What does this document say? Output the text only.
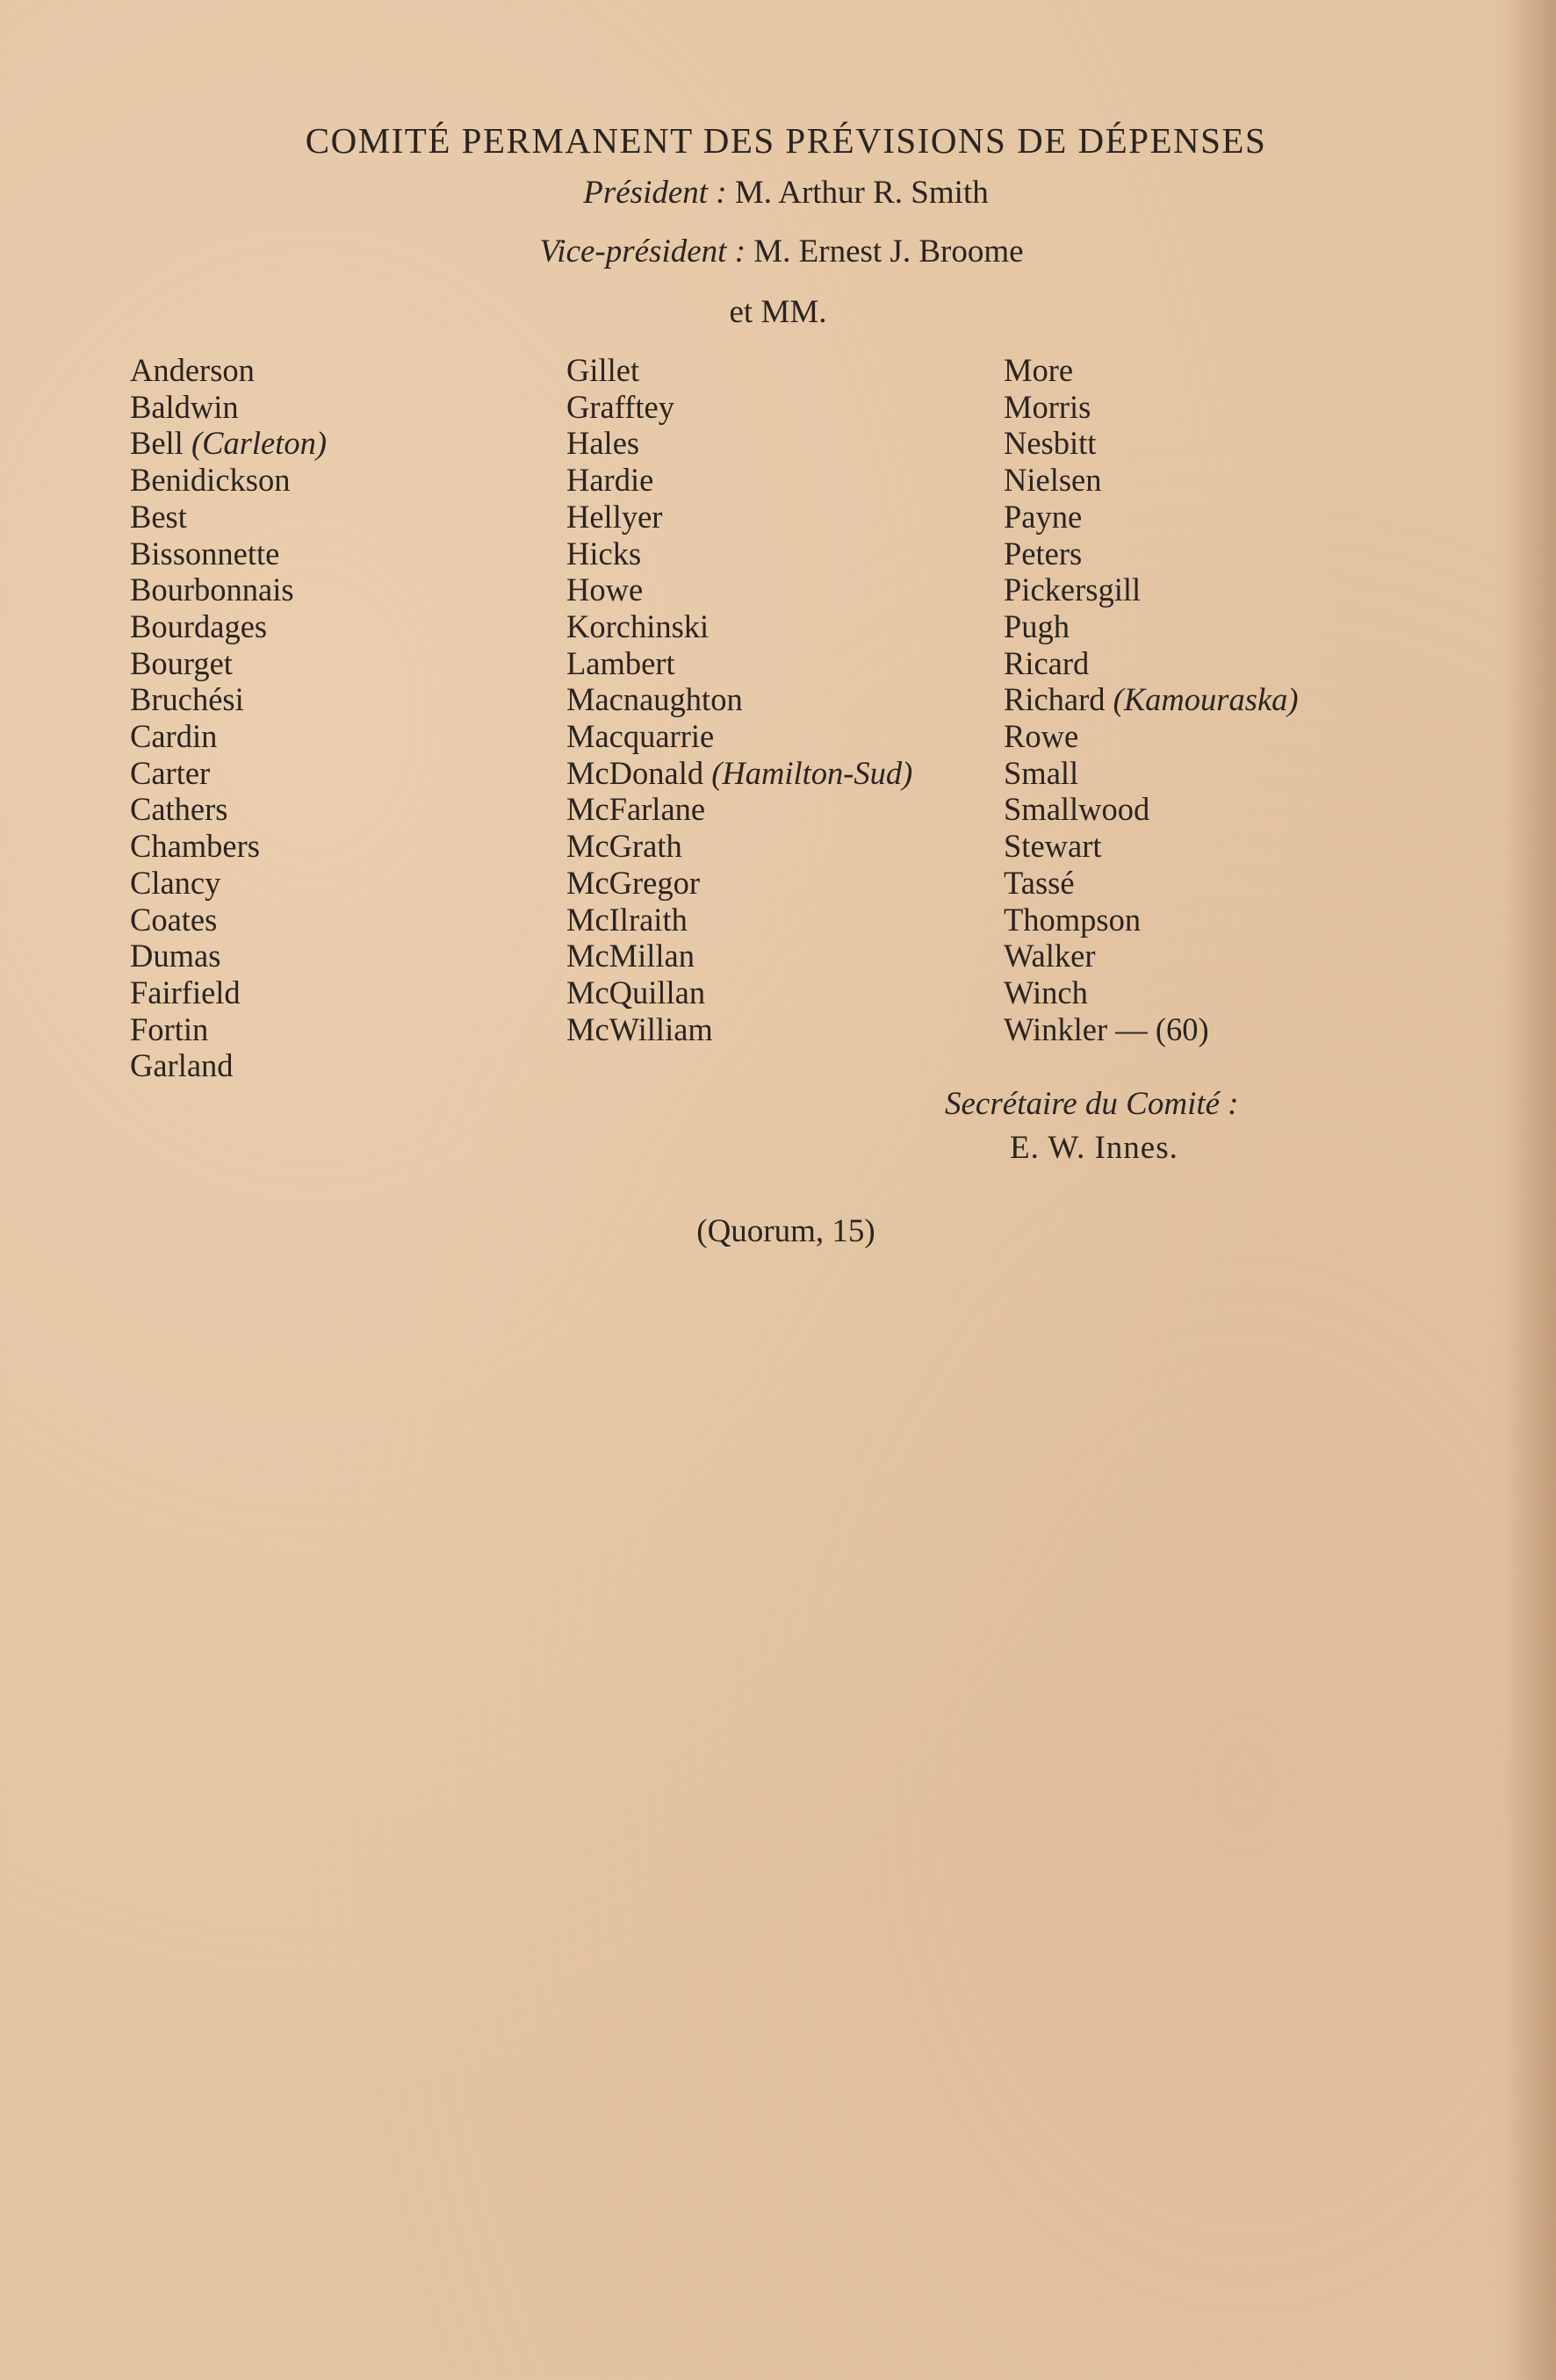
COMITÉ PERMANENT DES PRÉVISIONS DE DÉPENSES
Président : M. Arthur R. Smith
Vice-président : M. Ernest J. Broome
et MM.
Anderson
Baldwin
Bell (Carleton)
Benidickson
Best
Bissonnette
Bourbonnais
Bourdages
Bourget
Bruchési
Cardin
Carter
Cathers
Chambers
Clancy
Coates
Dumas
Fairfield
Fortin
Garland
Gillet
Grafftey
Hales
Hardie
Hellyer
Hicks
Howe
Korchinski
Lambert
Macnaughton
Macquarrie
McDonald (Hamilton-Sud)
McFarlane
McGrath
McGregor
McIlraith
McMillan
McQuillan
McWilliam
More
Morris
Nesbitt
Nielsen
Payne
Peters
Pickersgill
Pugh
Ricard
Richard (Kamouraska)
Rowe
Small
Smallwood
Stewart
Tassé
Thompson
Walker
Winch
Winkler — (60)
Secrétaire du Comité :
E. W. Innes.
(Quorum, 15)
